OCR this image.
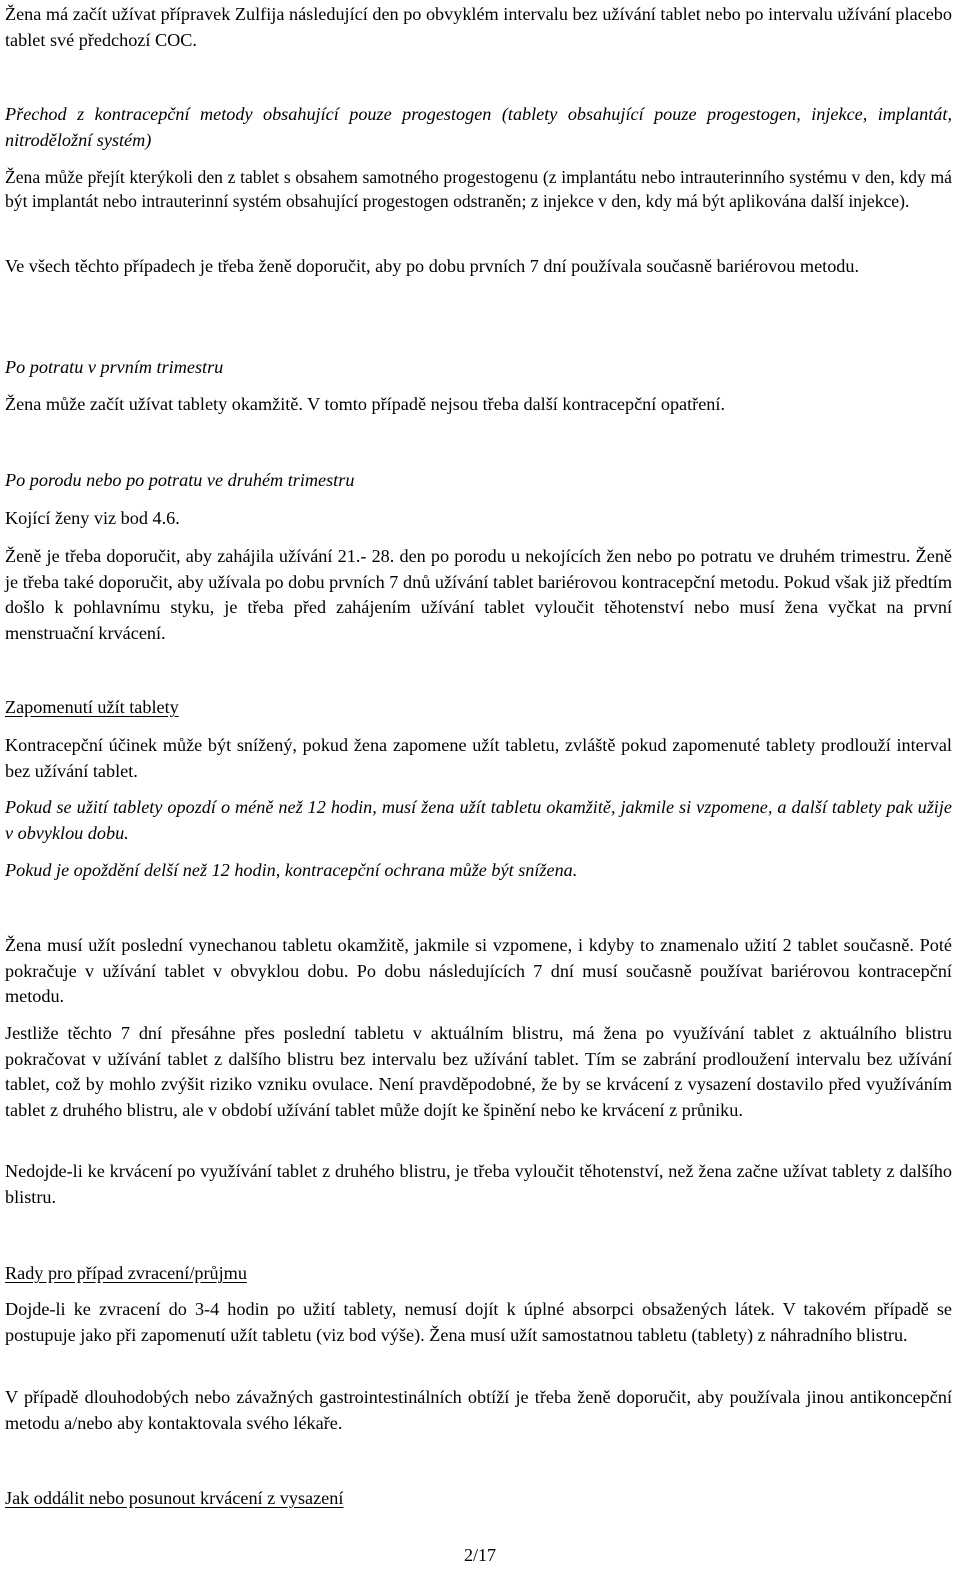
Žena má začít užívat přípravek Zulfija následující den po obvyklém intervalu bez užívání tablet nebo po intervalu užívání placebo tablet své předchozí COC.

Přechod z kontracepční metody obsahující pouze progestogen (tablety obsahující pouze progestogen, injekce, implantát, nitroděložní systém)

Žena může přejít kterýkoli den z tablet s obsahem samotného progestogenu (z implantátu nebo intrauterinního systému v den, kdy má být implantát nebo intrauterinní systém obsahující progestogen odstraněn; z injekce v den, kdy má být aplikována další injekce).

Ve všech těchto případech je třeba ženě doporučit, aby po dobu prvních 7 dní používala současně bariérovou metodu.

Po potratu v prvním trimestru

Žena může začít užívat tablety okamžitě. V tomto případě nejsou třeba další kontracepční opatření.

Po porodu nebo po potratu ve druhém trimestru

Kojící ženy viz bod 4.6.

Ženě je třeba doporučit, aby zahájila užívání 21.- 28. den po porodu u nekojících žen nebo po potratu ve druhém trimestru. Ženě je třeba také doporučit, aby užívala po dobu prvních 7 dnů užívání tablet bariérovou kontracepční metodu. Pokud však již předtím došlo k pohlavnímu styku, je třeba před zahájením užívání tablet vyloučit těhotenství nebo musí žena vyčkat na první menstruační krvácení.

Zapomenutí užít tablety

Kontracepční účinek může být snížený, pokud žena zapomene užít tabletu, zvláště pokud zapomenuté tablety prodlouží interval bez užívání tablet.

Pokud se užití tablety opozdí o méně než 12 hodin, musí žena užít tabletu okamžitě, jakmile si vzpomene, a další tablety pak užije v obvyklou dobu.

Pokud je opoždění delší než 12 hodin, kontracepční ochrana může být snížena.

Žena musí užít poslední vynechanou tabletu okamžitě, jakmile si vzpomene, i kdyby to znamenalo užití 2 tablet současně. Poté pokračuje v užívání tablet v obvyklou dobu. Po dobu následujících 7 dní musí současně používat bariérovou kontracepční metodu.

Jestliže těchto 7 dní přesáhne přes poslední tabletu v aktuálním blistru, má žena po využívání tablet z aktuálního blistru pokračovat v užívání tablet z dalšího blistru bez intervalu bez užívání tablet. Tím se zabrání prodloužení intervalu bez užívání tablet, což by mohlo zvýšit riziko vzniku ovulace. Není pravděpodobné, že by se krvácení z vysazení dostavilo před využíváním tablet z druhého blistru, ale v období užívání tablet může dojít ke špinění nebo ke krvácení z průniku.

Nedojde-li ke krvácení po využívání tablet z druhého blistru, je třeba vyloučit těhotenství, než žena začne užívat tablety z dalšího blistru.

Rady pro případ zvracení/průjmu

Dojde-li ke zvracení do 3-4 hodin po užití tablety, nemusí dojít k úplné absorpci obsažených látek. V takovém případě se postupuje jako při zapomenutí užít tabletu (viz bod výše). Žena musí užít samostatnou tabletu (tablety) z náhradního blistru.

V případě dlouhodobých nebo závažných gastrointestinálních obtíží je třeba ženě doporučit, aby používala jinou antikoncepční metodu a/nebo aby kontaktovala svého lékaře.

Jak oddálit nebo posunout krvácení z vysazení

2/17
